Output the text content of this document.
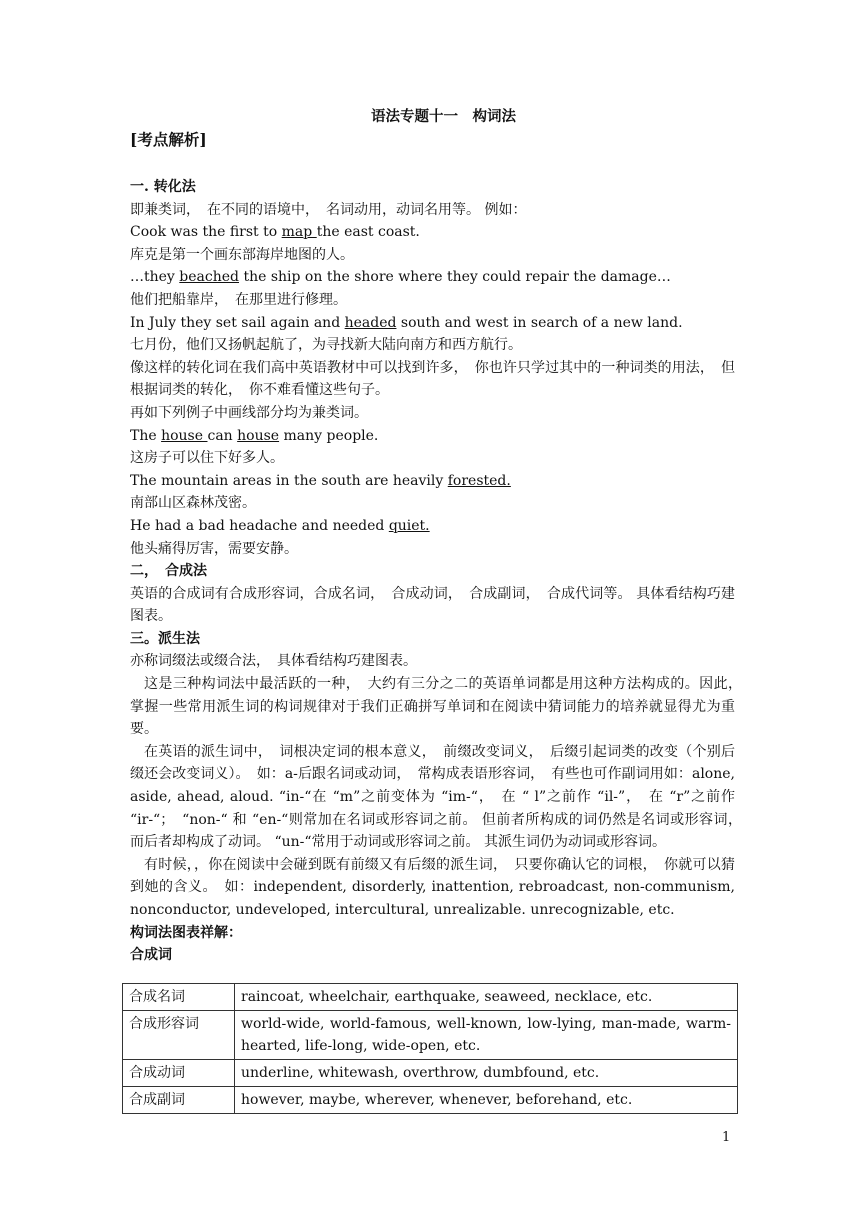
语法专题十一　构词法
[考点解析]
一. 转化法
即兼类词，　在不同的语境中，　名词动用，动词名用等。 例如：
Cook was the first to map the east coast.
库克是第一个画东部海岸地图的人。
…they beached the ship on the shore where they could repair the damage…
他们把船靠岸，　在那里进行修理。
In July they set sail again and headed south and west in search of a new land.
七月份，他们又扬帆起航了，为寻找新大陆向南方和西方航行。
像这样的转化词在我们高中英语教材中可以找到许多，　你也许只学过其中的一种词类的用法，　但根据词类的转化，　你不难看懂这些句子。
再如下列例子中画线部分均为兼类词。
The house can house many people.
这房子可以住下好多人。
The mountain areas in the south are heavily forested.
南部山区森林茂密。
He had a bad headache and needed quiet.
他头痛得厉害，需要安静。
二，　合成法
英语的合成词有合成形容词，合成名词，　合成动词，　合成副词，　合成代词等。 具体看结构巧建图表。
三。派生法
亦称词缀法或缀合法，　具体看结构巧建图表。
这是三种构词法中最活跃的一种，　大约有三分之二的英语单词都是用这种方法构成的。因此，　掌握一些常用派生词的构词规律对于我们正确拼写单词和在阅读中猜词能力的培养就显得尤为重要。
在英语的派生词中，　词根决定词的根本意义，　前缀改变词义，　后缀引起词类的改变（个别后缀还会改变词义）。　如：a-后跟名词或动词，　常构成表语形容词，　有些也可作副词用如：alone, aside, ahead, aloud. “in-“在 “m”之前变体为 “im-“，　在 “ l”之前作 “il-”，　在 “r”之前作 “ir-“；　“non-“ 和 “en-“则常加在名词或形容词之前。 但前者所构成的词仍然是名词或形容词，　而后者却构成了动词。 “un-“常用于动词或形容词之前。 其派生词仍为动词或形容词。
有时候，，你在阅读中会碰到既有前缀又有后缀的派生词，　只要你确认它的词根，　你就可以猜到她的含义。　如：independent, disorderly, inattention, rebroadcast, non-communism, nonconductor, undeveloped, intercultural, unrealizable. unrecognizable, etc.
构词法图表祥解：
合成词
合成名词	raincoat, wheelchair, earthquake, seaweed, necklace, etc.
合成形容词	world-wide, world-famous, well-known, low-lying, man-made, warm-hearted, life-long, wide-open, etc.
合成动词	underline, whitewash, overthrow, dumbfound, etc.
合成副词	however, maybe, wherever, whenever, beforehand, etc.
1
